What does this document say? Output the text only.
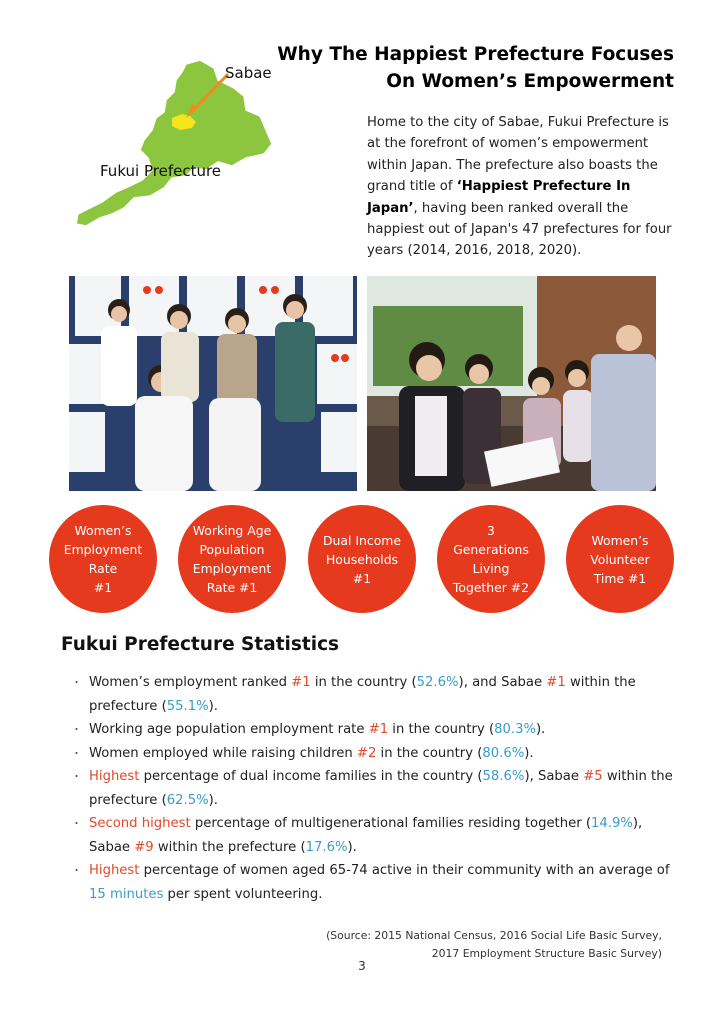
Sabae
Fukui Prefecture
Why The Happiest Prefecture Focuses
On Women’s Empowerment
Home to the city of Sabae, Fukui Prefecture is at the forefront of women’s empowerment within Japan. The prefecture also boasts the grand title of ‘Happiest Prefecture In Japan’, having been ranked overall the happiest out of Japan's 47 prefectures for four years (2014, 2016, 2018, 2020).
Women’s
Employment
Rate
#1
Working Age
Population
Employment
Rate #1
Dual Income
Households
#1
3
Generations
Living
Together #2
Women’s
Volunteer
Time #1
Fukui Prefecture Statistics
・ Women’s employment ranked #1 in the country (52.6%), and Sabae #1 within the prefecture (55.1%).
・ Working age population employment rate #1 in the country (80.3%).
・ Women employed while raising children #2 in the country (80.6%).
・ Highest percentage of dual income families in the country (58.6%), Sabae #5 within the prefecture (62.5%).
・ Second highest percentage of multigenerational families residing together (14.9%), Sabae #9 within the prefecture (17.6%).
・ Highest percentage of women aged 65-74 active in their community with an average of 15 minutes per spent volunteering.
(Source: 2015 National Census, 2016 Social Life Basic Survey,
2017 Employment Structure Basic Survey)
3
